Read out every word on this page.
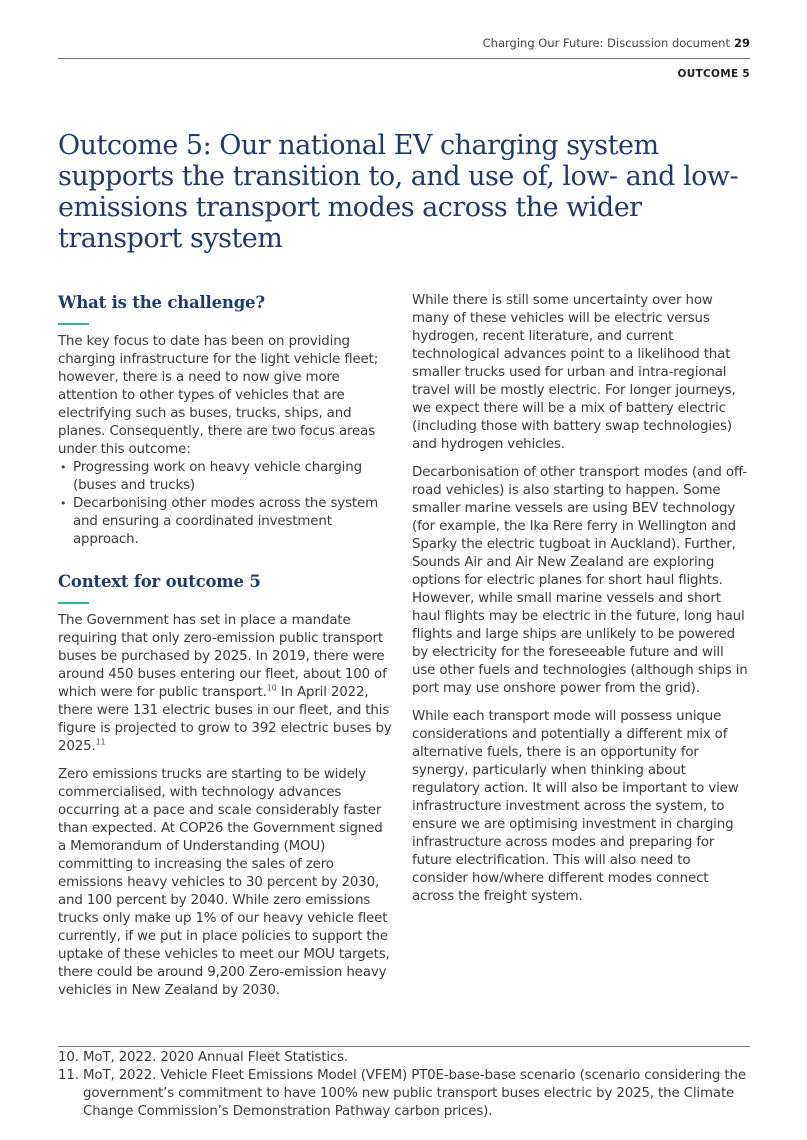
Charging Our Future: Discussion document 29
OUTCOME 5
Outcome 5: Our national EV charging system supports the transition to, and use of, low- and low-emissions transport modes across the wider transport system
What is the challenge?

The key focus to date has been on providing charging infrastructure for the light vehicle fleet; however, there is a need to now give more attention to other types of vehicles that are electrifying such as buses, trucks, ships, and planes. Consequently, there are two focus areas under this outcome:

• Progressing work on heavy vehicle charging (buses and trucks)
• Decarbonising other modes across the system and ensuring a coordinated investment approach.
Context for outcome 5

The Government has set in place a mandate requiring that only zero-emission public transport buses be purchased by 2025. In 2019, there were around 450 buses entering our fleet, about 100 of which were for public transport.$^{10}$ In April 2022, there were 131 electric buses in our fleet, and this figure is projected to grow to 392 electric buses by 2025.11

Zero emissions trucks are starting to be widely commercialised, with technology advances occurring at a pace and scale considerably faster than expected. At COP26 the Government signed a Memorandum of Understanding (MOU) committing to increasing the sales of zero emissions heavy vehicles to 30 percent by 2030, and 100 percent by 2040. While zero emissions trucks only make up 1% of our heavy vehicle fleet currently, if we put in place policies to support the uptake of these vehicles to meet our MOU targets, there could be around 9,200 Zero-emission heavy vehicles in New Zealand by 2030.

While there is still some uncertainty over how many of these vehicles will be electric versus hydrogen, recent literature, and current technological advances point to a likelihood that smaller trucks used for urban and intra-regional travel will be mostly electric. For longer journeys, we expect there will be a mix of battery electric (including those with battery swap technologies) and hydrogen vehicles.

Decarbonisation of other transport modes (and off-road vehicles) is also starting to happen. Some smaller marine vessels are using BEV technology (for example, the Ika Rere ferry in Wellington and Sparky the electric tugboat in Auckland). Further, Sounds Air and Air New Zealand are exploring options for electric planes for short haul flights. However, while small marine vessels and short haul flights may be electric in the future, long haul flights and large ships are unlikely to be powered by electricity for the foreseeable future and will use other fuels and technologies (although ships in port may use onshore power from the grid).

While each transport mode will possess unique considerations and potentially a different mix of alternative fuels, there is an opportunity for synergy, particularly when thinking about regulatory action. It will also be important to view infrastructure investment across the system, to ensure we are optimising investment in charging infrastructure across modes and preparing for future electrification. This will also need to consider how/where different modes connect across the freight system.

10. MoT, 2022. 2020 Annual Fleet Statistics.

11. MoT, 2022. Vehicle Fleet Emissions Model (VFEM) PT0E-base-base scenario (scenario considering the government’s commitment to have 100% new public transport buses electric by 2025, the Climate Change Commission’s Demonstration Pathway carbon prices).
